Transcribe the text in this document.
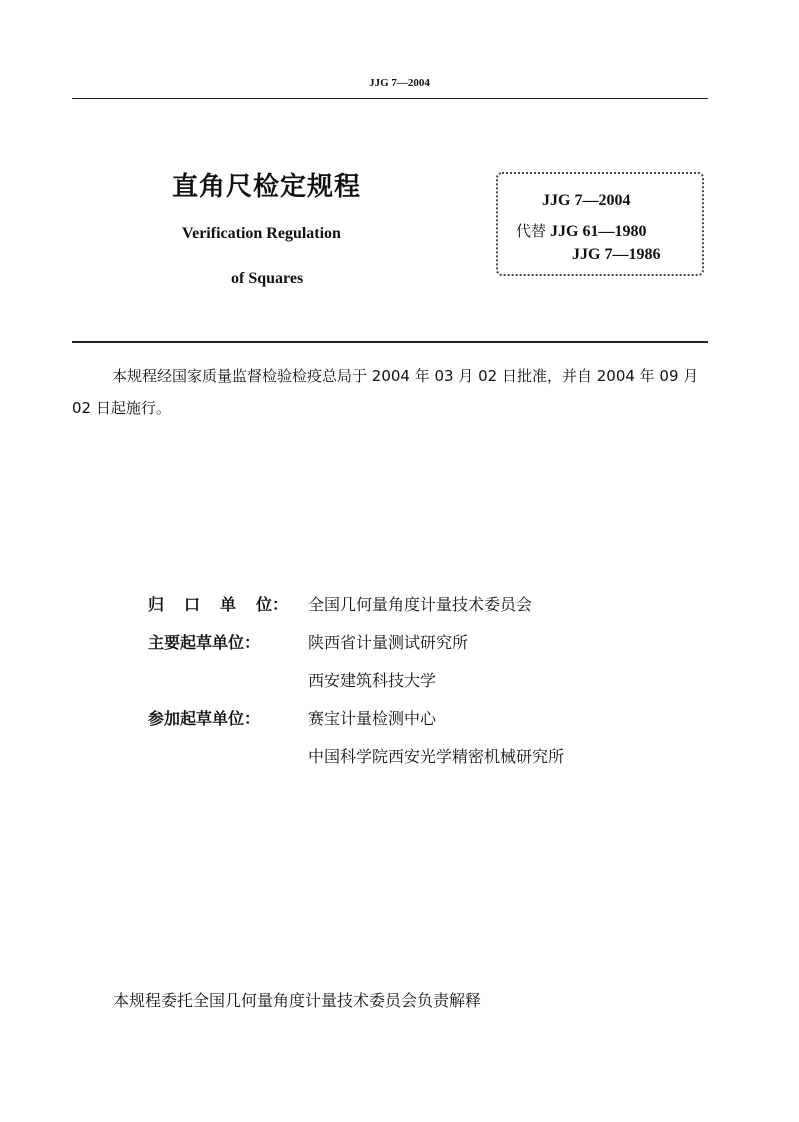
JJG 7—2004
直角尺检定规程
Verification Regulation
of Squares
JJG 7—2004
代替 JJG 61—1980
JJG 7—1986
本规程经国家质量监督检验检疫总局于 2004 年 03 月 02 日批准，并自 2004 年 09 月 02 日起施行。
归 口 单 位： 全国几何量角度计量技术委员会
主要起草单位：	陕西省计量测试研究所
西安建筑科技大学
参加起草单位：	赛宝计量检测中心
中国科学院西安光学精密机械研究所
本规程委托全国几何量角度计量技术委员会负责解释
